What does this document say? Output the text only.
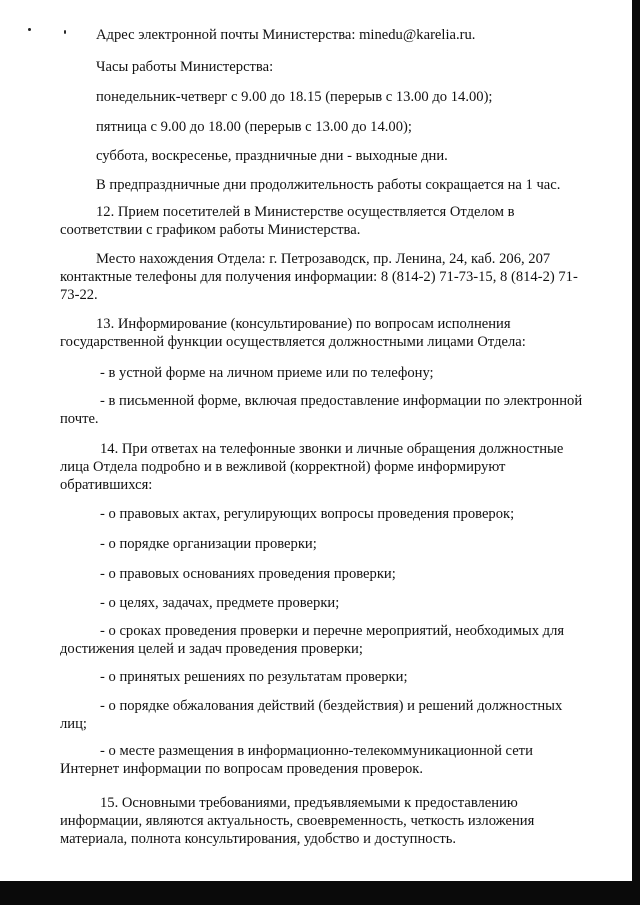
Адрес электронной почты Министерства: minedu@karelia.ru.
Часы работы Министерства:
понедельник-четверг с 9.00 до 18.15 (перерыв с 13.00 до 14.00);
пятница с 9.00 до 18.00 (перерыв с 13.00 до 14.00);
суббота, воскресенье, праздничные дни - выходные дни.
В предпраздничные дни продолжительность работы сокращается на 1 час.
12. Прием посетителей в Министерстве осуществляется Отделом в
соответствии с графиком работы Министерства.
Место нахождения Отдела: г. Петрозаводск, пр. Ленина, 24, каб. 206, 207
контактные телефоны для получения информации: 8 (814-2) 71-73-15, 8 (814-2) 71-
73-22.
13. Информирование (консультирование) по вопросам исполнения
государственной функции осуществляется должностными лицами Отдела:
- в устной форме на личном приеме или по телефону;
- в письменной форме, включая предоставление информации по электронной
почте.
14. При ответах на телефонные звонки и личные обращения должностные
лица Отдела подробно и в вежливой (корректной) форме информируют
обратившихся:
- о правовых актах, регулирующих вопросы проведения проверок;
- о порядке организации проверки;
- о правовых основаниях проведения проверки;
- о целях, задачах, предмете проверки;
- о сроках проведения проверки и перечне мероприятий, необходимых для
достижения целей и задач проведения проверки;
- о принятых решениях по результатам проверки;
- о порядке обжалования действий (бездействия) и решений должностных
лиц;
- о месте размещения в информационно-телекоммуникационной сети
Интернет информации по вопросам проведения проверок.
15. Основными требованиями, предъявляемыми к предоставлению
информации, являются актуальность, своевременность, четкость изложения
материала, полнота консультирования, удобство и доступность.
